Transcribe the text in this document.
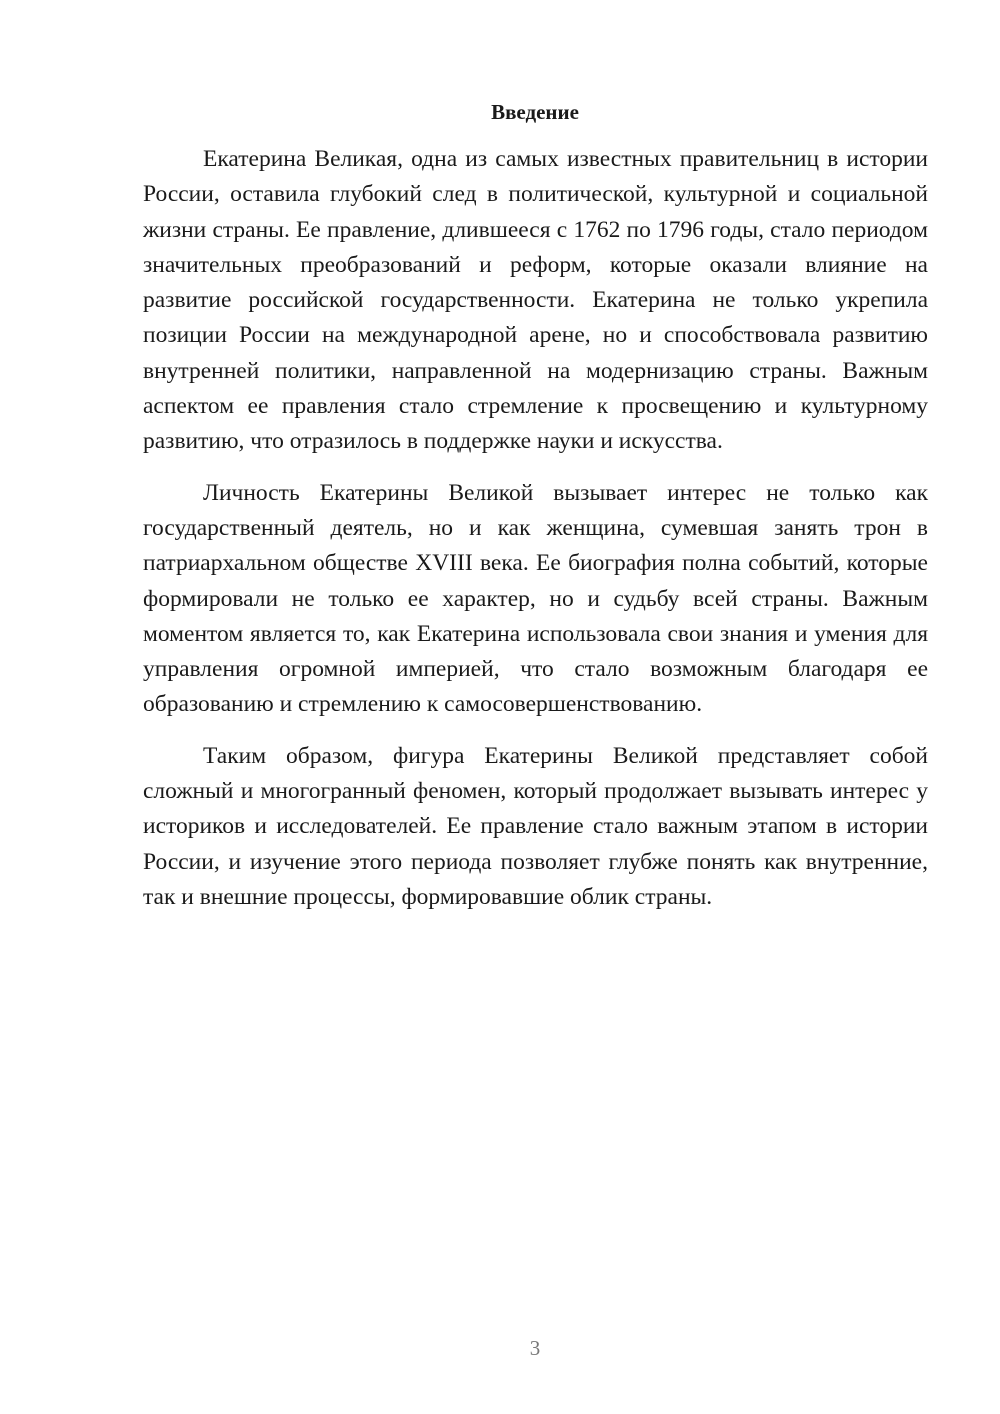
Введение

Екатерина Великая, одна из самых известных правительниц в истории России, оставила глубокий след в политической, культурной и социальной жизни страны. Ее правление, длившееся с 1762 по 1796 годы, стало периодом значительных преобразований и реформ, которые оказали влияние на развитие российской государственности. Екатерина не только укрепила позиции России на международной арене, но и способствовала развитию внутренней политики, направленной на модернизацию страны. Важным аспектом ее правления стало стремление к просвещению и культурному развитию, что отразилось в поддержке науки и искусства.

Личность Екатерины Великой вызывает интерес не только как государственный деятель, но и как женщина, сумевшая занять трон в патриархальном обществе XVIII века. Ее биография полна событий, которые формировали не только ее характер, но и судьбу всей страны. Важным моментом является то, как Екатерина использовала свои знания и умения для управления огромной империей, что стало возможным благодаря ее образованию и стремлению к самосовершенствованию.

Таким образом, фигура Екатерины Великой представляет собой сложный и многогранный феномен, который продолжает вызывать интерес у историков и исследователей. Ее правление стало важным этапом в истории России, и изучение этого периода позволяет глубже понять как внутренние, так и внешние процессы, формировавшие облик страны.

3
